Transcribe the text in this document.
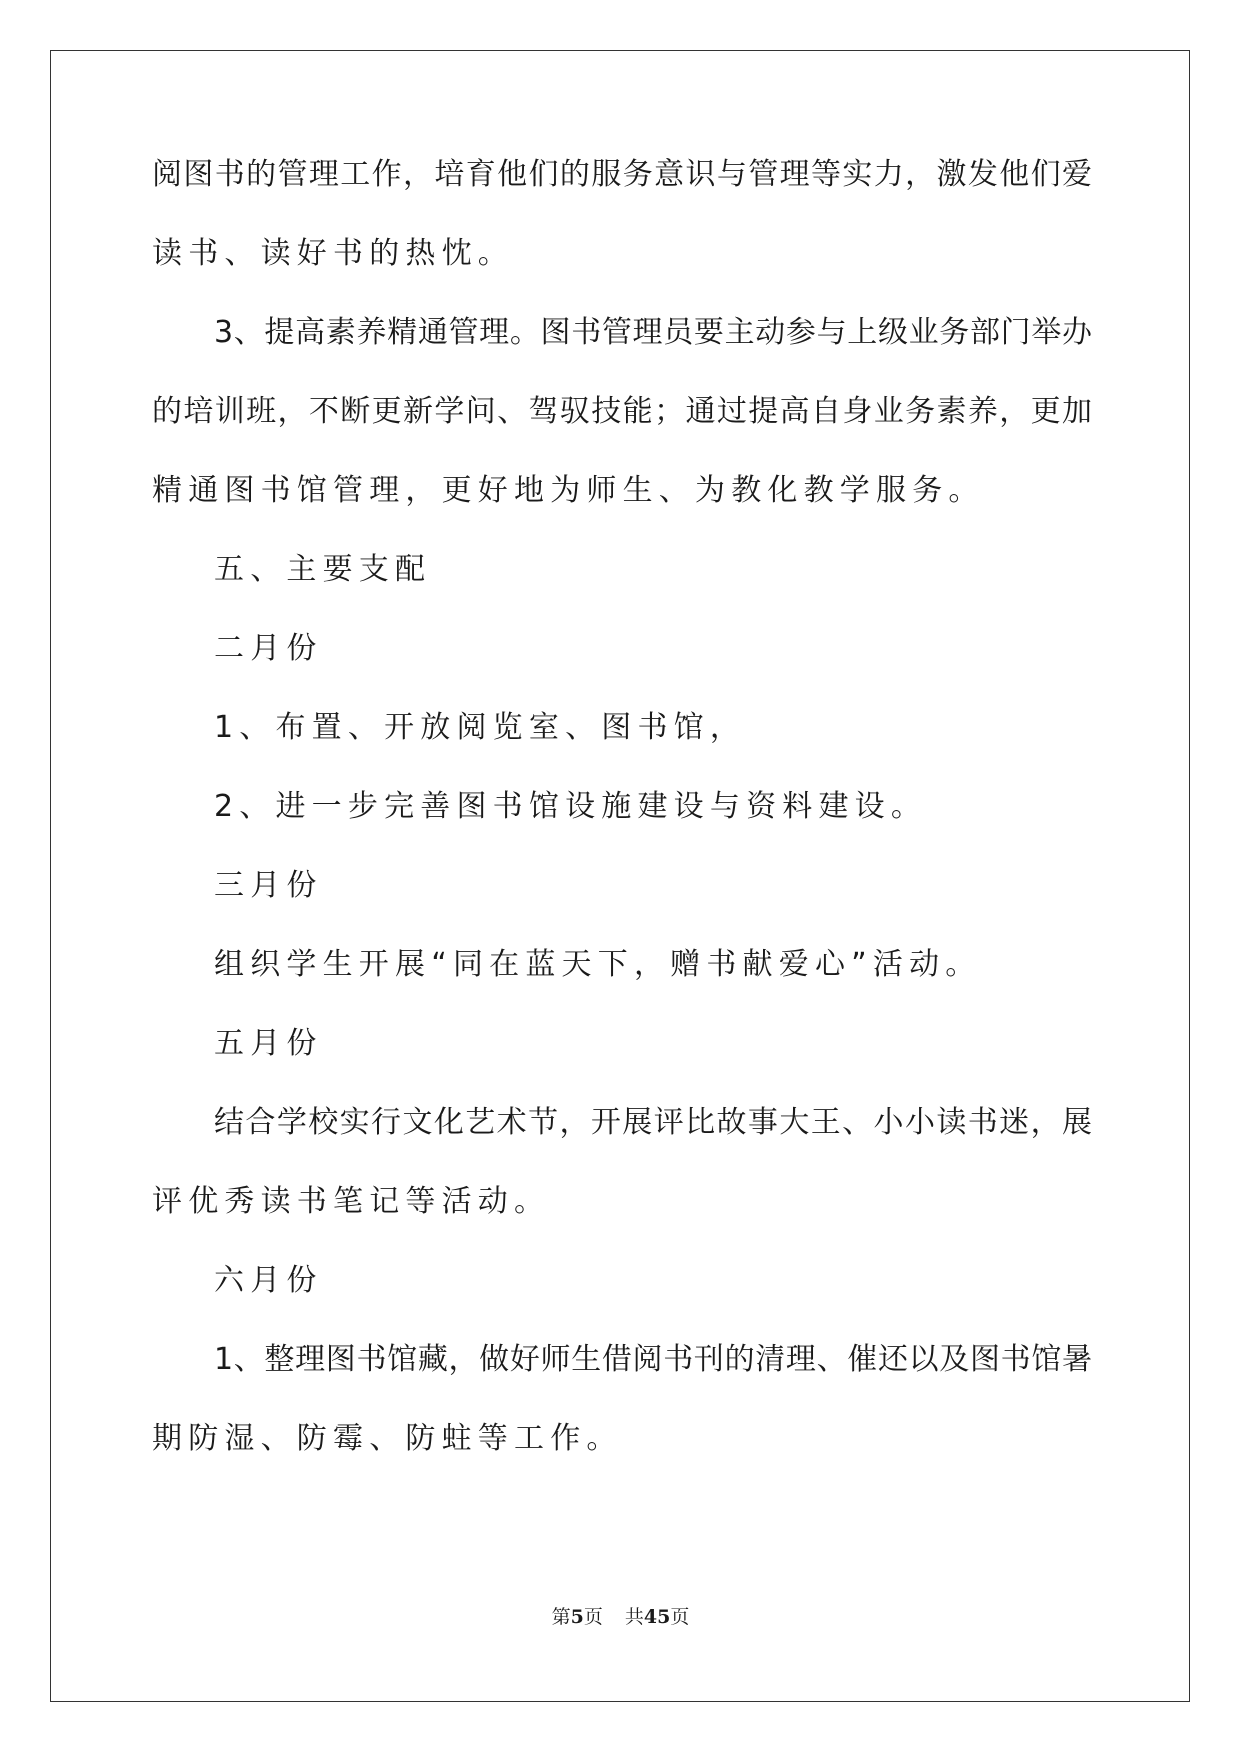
阅图书的管理工作，培育他们的服务意识与管理等实力，激发他们爱
读书、读好书的热忱。
3、提高素养精通管理。图书管理员要主动参与上级业务部门举办
的培训班，不断更新学问、驾驭技能；通过提高自身业务素养，更加
精通图书馆管理，更好地为师生、为教化教学服务。
五、主要支配
二月份
1、布置、开放阅览室、图书馆，
2、进一步完善图书馆设施建设与资料建设。
三月份
组织学生开展“同在蓝天下，赠书献爱心”活动。
五月份
结合学校实行文化艺术节，开展评比故事大王、小小读书迷，展
评优秀读书笔记等活动。
六月份
1、整理图书馆藏，做好师生借阅书刊的清理、催还以及图书馆暑
期防湿、防霉、防蛀等工作。
第5页 共45页
